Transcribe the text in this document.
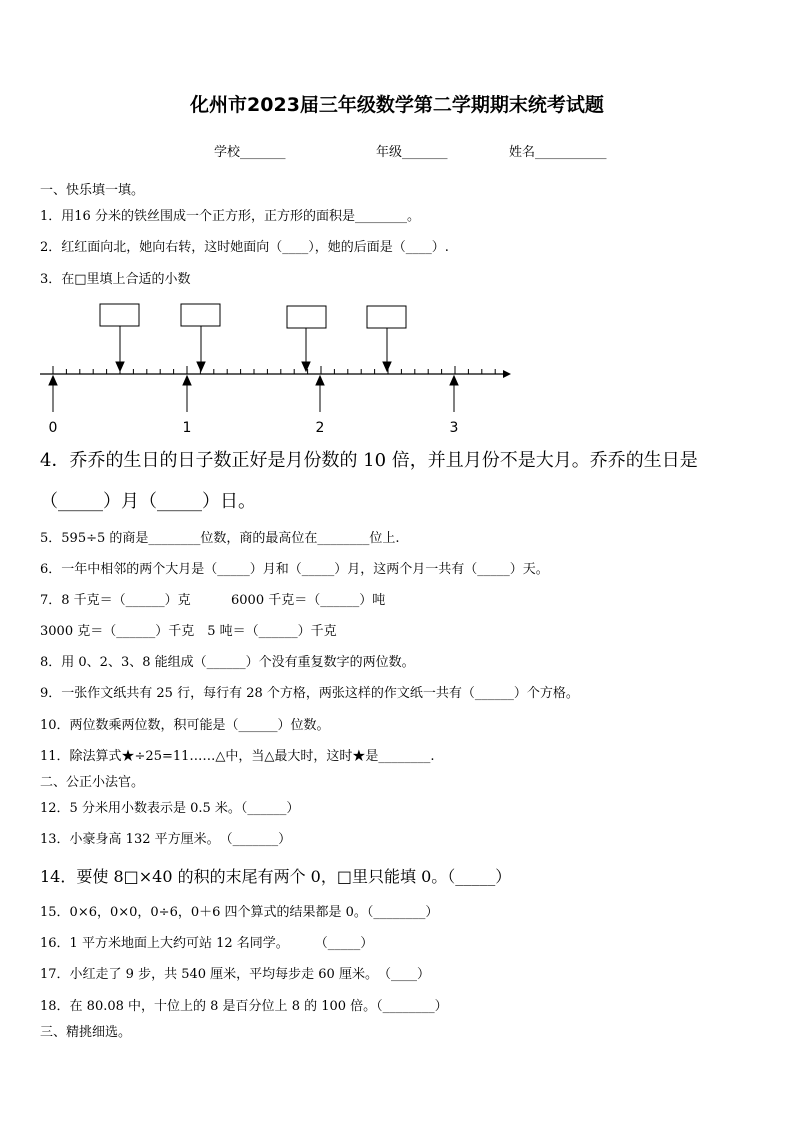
化州市2023届三年级数学第二学期期末统考试题
学校_______	年级_______	姓名___________
一、快乐填一填。
1．用16 分米的铁丝围成一个正方形，正方形的面积是________。
2．红红面向北，她向右转，这时她面向（____），她的后面是（____）.
3．在□里填上合适的小数
0	1	2	3
4．乔乔的生日的日子数正好是月份数的 10 倍，并且月份不是大月。乔乔的生日是
（_____）月（_____）日。
5．595÷5 的商是________位数，商的最高位在________位上.
6．一年中相邻的两个大月是（_____）月和（_____）月，这两个月一共有（_____）天。
7．8 千克＝（______）克	6000 千克＝（______）吨
3000 克＝（______）千克　5 吨＝（______）千克
8．用 0、2、3、8 能组成（______）个没有重复数字的两位数。
9．一张作文纸共有 25 行，每行有 28 个方格，两张这样的作文纸一共有（______）个方格。
10．两位数乘两位数，积可能是（______）位数。
11．除法算式★÷25=11……△中，当△最大时，这时★是________.
二、公正小法官。
12．5 分米用小数表示是 0.5 米。（______）
13．小豪身高 132 平方厘米。　（_______）
14．要使 8□×40 的积的末尾有两个 0，□里只能填 0。（_____）
15．0×6，0×0，0÷6，0＋6 四个算式的结果都是 0。（________）
16．1 平方米地面上大约可站 12 名同学。　　　（_____）
17．小红走了 9 步，共 540 厘米，平均每步走 60 厘米。　（____）
18．在 80.08 中，十位上的 8 是百分位上 8 的 100 倍。（________）
三、精挑细选。
